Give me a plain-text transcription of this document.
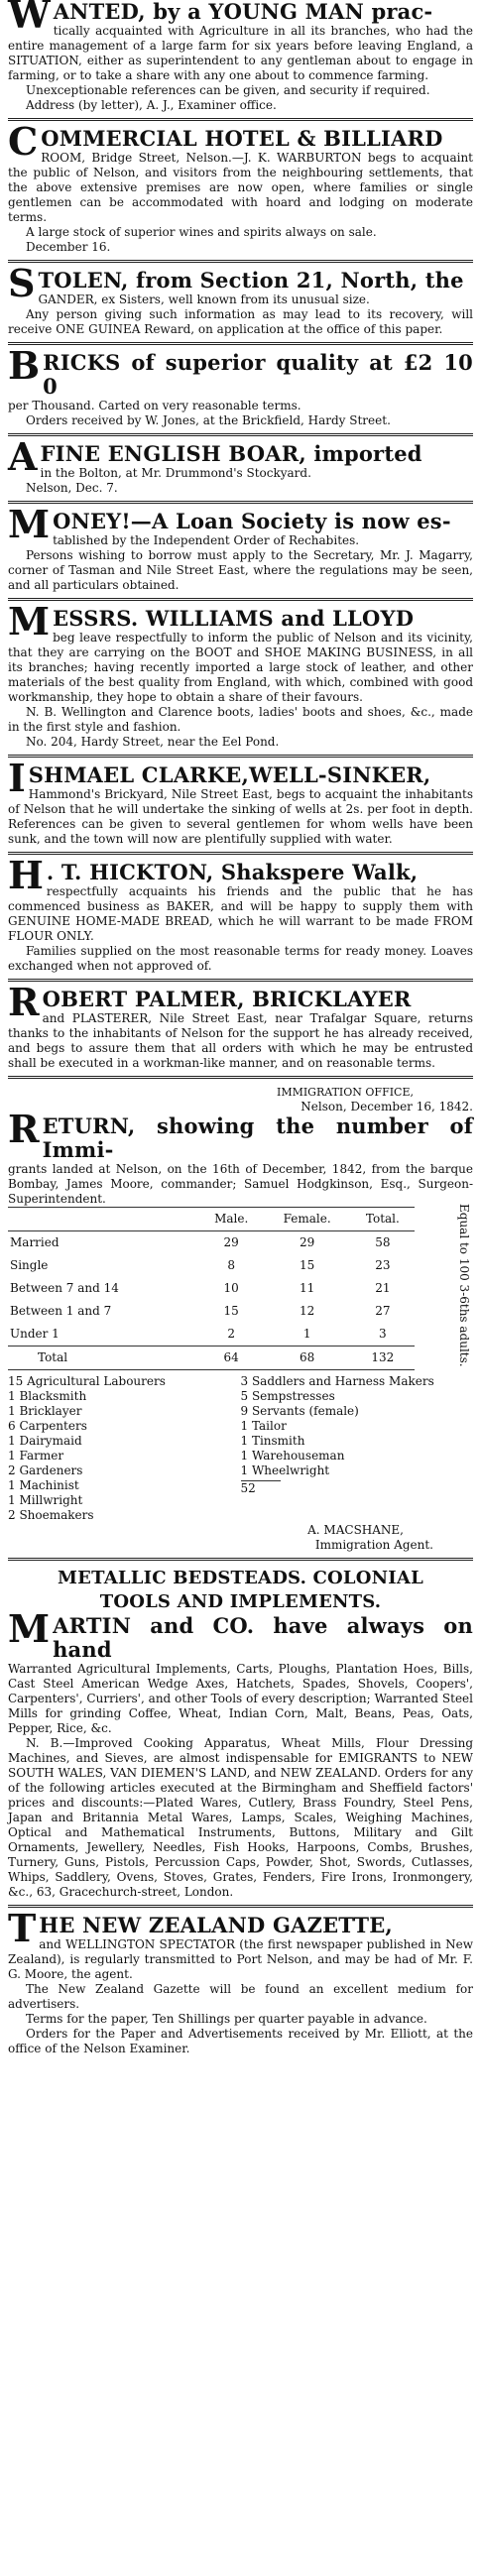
W ANTED, by a YOUNG MAN prac-

tically acquainted with Agriculture in all its branches, who had the entire management of a large farm for six years before leaving England, a SITUATION, either as superintendent to any gentleman about to engage in farming, or to take a share with any one about to commence farming.

Unexceptionable references can be given, and security if required.

Address (by letter), A. J., Examiner office.

C OMMERCIAL HOTEL & BILLIARD

ROOM, Bridge Street, Nelson.—J. K. WARBURTON begs to acquaint the public of Nelson, and visitors from the neighbouring settlements, that the above extensive premises are now open, where families or single gentlemen can be accommodated with hoard and lodging on moderate terms.

A large stock of superior wines and spirits always on sale.

December 16.

S TOLEN, from Section 21, North, the

GANDER, ex Sisters, well known from its unusual size.

Any person giving such information as may lead to its recovery, will receive ONE GUINEA Reward, on application at the office of this paper.

B RICKS of superior quality at £2 10 0

per Thousand. Carted on very reasonable terms.

Orders received by W. Jones, at the Brickfield, Hardy Street.

A FINE ENGLISH BOAR, imported

in the Bolton, at Mr. Drummond's Stockyard.

Nelson, Dec. 7.

M ONEY!—A Loan Society is now es-

tablished by the Independent Order of Rechabites.

Persons wishing to borrow must apply to the Secretary, Mr. J. Magarry, corner of Tasman and Nile Street East, where the regulations may be seen, and all particulars obtained.

M ESSRS. WILLIAMS and LLOYD

beg leave respectfully to inform the public of Nelson and its vicinity, that they are carrying on the BOOT and SHOE MAKING BUSINESS, in all its branches; having recently imported a large stock of leather, and other materials of the best quality from England, with which, combined with good workmanship, they hope to obtain a share of their favours.

N. B. Wellington and Clarence boots, ladies' boots and shoes, &c., made in the first style and fashion.

No. 204, Hardy Street, near the Eel Pond.

I SHMAEL CLARKE,WELL-SINKER,

Hammond's Brickyard, Nile Street East, begs to acquaint the inhabitants of Nelson that he will undertake the sinking of wells at 2s. per foot in depth. References can be given to several gentlemen for whom wells have been sunk, and the town will now are plentifully supplied with water.

H . T. HICKTON, Shakspere Walk,

respectfully acquaints his friends and the public that he has commenced business as BAKER, and will be happy to supply them with GENUINE HOME-MADE BREAD, which he will warrant to be made FROM FLOUR ONLY.

Families supplied on the most reasonable terms for ready money. Loaves exchanged when not approved of.

R OBERT PALMER, BRICKLAYER

and PLASTERER, Nile Street East, near Trafalgar Square, returns thanks to the inhabitants of Nelson for the support he has already received, and begs to assure them that all orders with which he may be entrusted shall be executed in a workman-like manner, and on reasonable terms.

IMMIGRATION OFFICE,

Nelson, December 16, 1842.

R ETURN, showing the number of Immi-

grants landed at Nelson, on the 16th of December, 1842, from the barque Bombay, James Moore, commander; Samuel Hodgkinson, Esq., Surgeon-Superintendent.

	Male.	Female.	Total.
Married	29	29	58
Single	8	15	23
Between 7 and 14	10	11	21
Between 1 and 7	15	12	27
Under 1	2	1	3
Total	64	68	132	Equal to 100 3-6ths adults.
15 Agricultural Labourers
1 Blacksmith
1 Bricklayer
6 Carpenters
1 Dairymaid
1 Farmer
2 Gardeners
1 Machinist
1 Millwright
2 Shoemakers
3 Saddlers and Harness Makers
5 Sempstresses
9 Servants (female)
1 Tailor
1 Tinsmith
1 Warehouseman
1 Wheelwright
52

A. MACSHANE,

Immigration Agent.

METALLIC BEDSTEADS. COLONIAL
TOOLS AND IMPLEMENTS.
M ARTIN and CO. have always on hand

Warranted Agricultural Implements, Carts, Ploughs, Plantation Hoes, Bills, Cast Steel American Wedge Axes, Hatchets, Spades, Shovels, Coopers', Carpenters', Curriers', and other Tools of every description; Warranted Steel Mills for grinding Coffee, Wheat, Indian Corn, Malt, Beans, Peas, Oats, Pepper, Rice, &c.

N. B.—Improved Cooking Apparatus, Wheat Mills, Flour Dressing Machines, and Sieves, are almost indispensable for EMIGRANTS to NEW SOUTH WALES, VAN DIEMEN'S LAND, and NEW ZEALAND. Orders for any of the following articles executed at the Birmingham and Sheffield factors' prices and discounts:—Plated Wares, Cutlery, Brass Foundry, Steel Pens, Japan and Britannia Metal Wares, Lamps, Scales, Weighing Machines, Optical and Mathematical Instruments, Buttons, Military and Gilt Ornaments, Jewellery, Needles, Fish Hooks, Harpoons, Combs, Brushes, Turnery, Guns, Pistols, Percussion Caps, Powder, Shot, Swords, Cutlasses, Whips, Saddlery, Ovens, Stoves, Grates, Fenders, Fire Irons, Ironmongery, &c., 63, Gracechurch-street, London.

T HE NEW ZEALAND GAZETTE,

and WELLINGTON SPECTATOR (the first newspaper published in New Zealand), is regularly transmitted to Port Nelson, and may be had of Mr. F. G. Moore, the agent.

The New Zealand Gazette will be found an excellent medium for advertisers.

Terms for the paper, Ten Shillings per quarter payable in advance.

Orders for the Paper and Advertisements received by Mr. Elliott, at the office of the Nelson Examiner.
